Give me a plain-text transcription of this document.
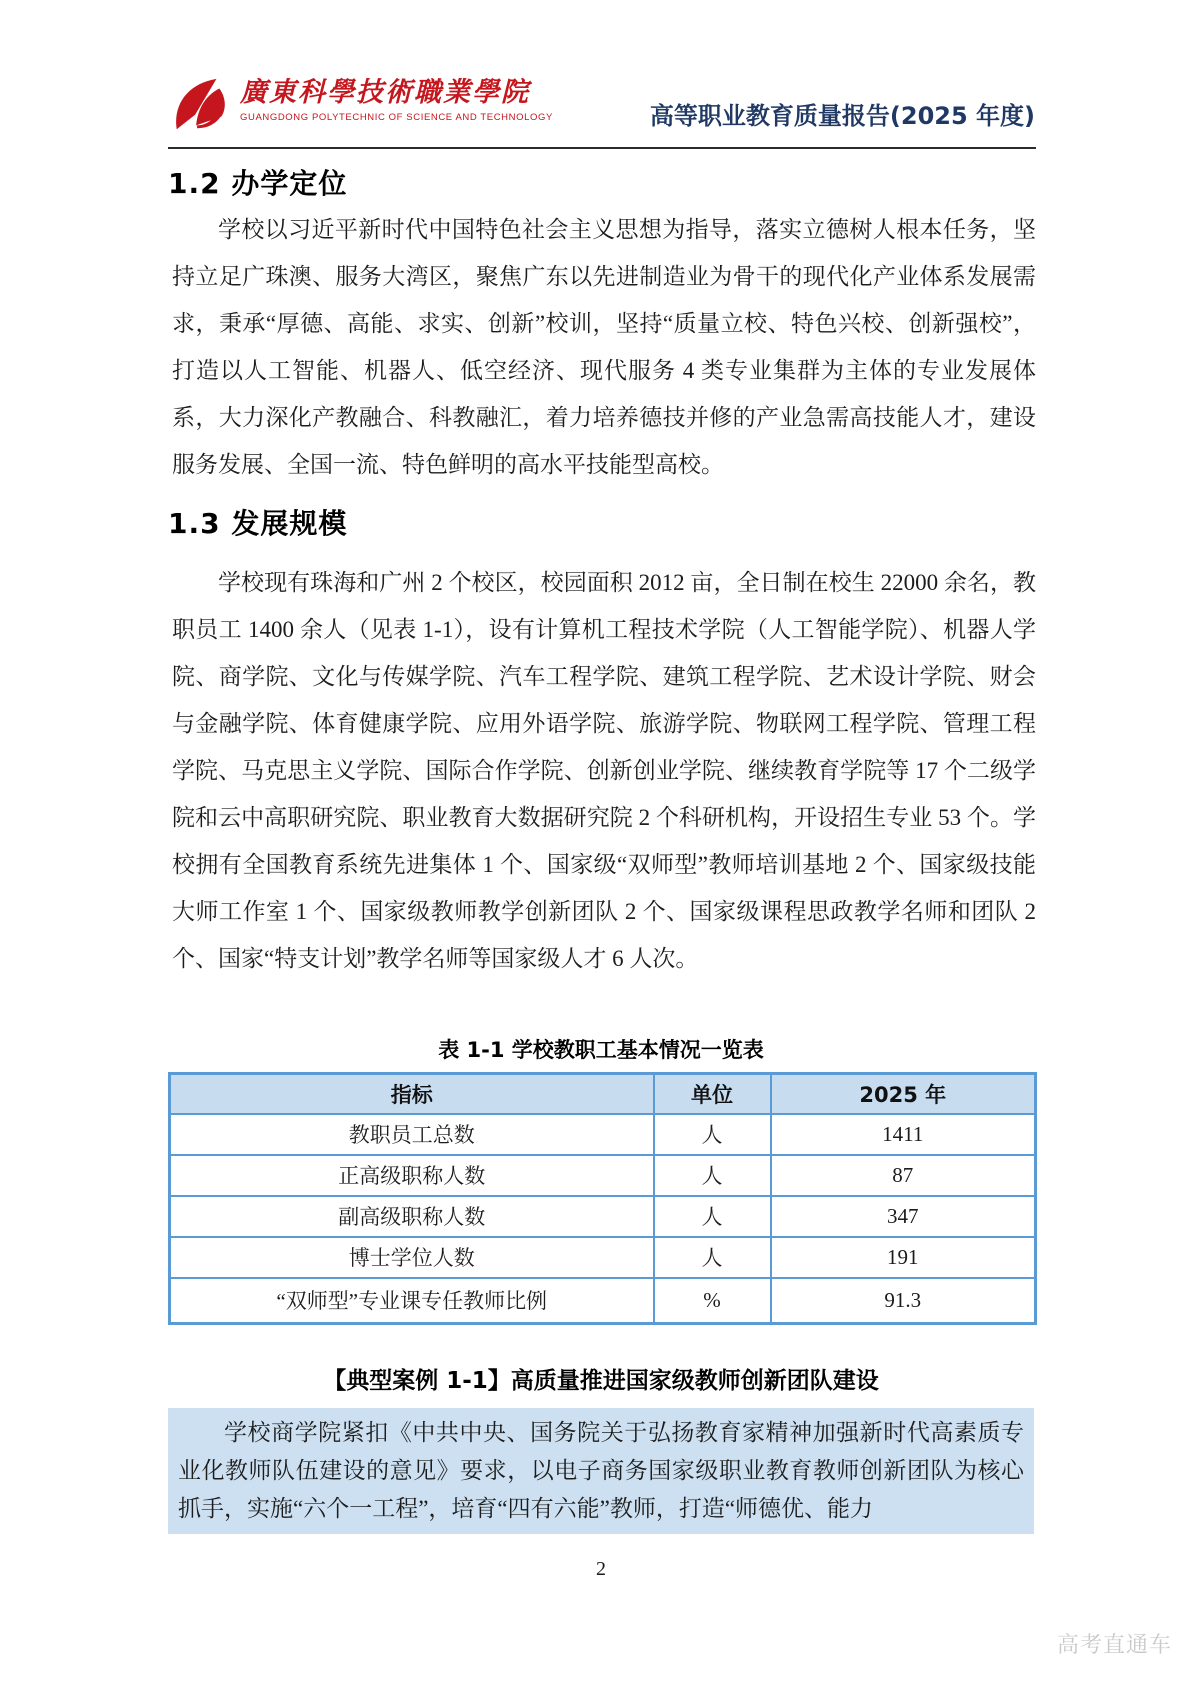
廣東科學技術職業學院
GUANGDONG POLYTECHNIC OF SCIENCE AND TECHNOLOGY	高等职业教育质量报告(2025 年度)
1.2 办学定位
学校以习近平新时代中国特色社会主义思想为指导，落实立德树人根本任务，坚持立足广珠澳、服务大湾区，聚焦广东以先进制造业为骨干的现代化产业体系发展需求，秉承“厚德、高能、求实、创新”校训，坚持“质量立校、特色兴校、创新强校”，打造以人工智能、机器人、低空经济、现代服务 4 类专业集群为主体的专业发展体系，大力深化产教融合、科教融汇，着力培养德技并修的产业急需高技能人才，建设服务发展、全国一流、特色鲜明的高水平技能型高校。
1.3 发展规模
学校现有珠海和广州 2 个校区，校园面积 2012 亩，全日制在校生 22000 余名，教职员工 1400 余人（见表 1-1），设有计算机工程技术学院（人工智能学院）、机器人学院、商学院、文化与传媒学院、汽车工程学院、建筑工程学院、艺术设计学院、财会与金融学院、体育健康学院、应用外语学院、旅游学院、物联网工程学院、管理工程学院、马克思主义学院、国际合作学院、创新创业学院、继续教育学院等 17 个二级学院和云中高职研究院、职业教育大数据研究院 2 个科研机构，开设招生专业 53 个。学校拥有全国教育系统先进集体 1 个、国家级“双师型”教师培训基地 2 个、国家级技能大师工作室 1 个、国家级教师教学创新团队 2 个、国家级课程思政教学名师和团队 2 个、国家“特支计划”教学名师等国家级人才 6 人次。
表 1-1 学校教职工基本情况一览表
指标	单位	2025 年
教职员工总数	人	1411
正高级职称人数	人	87
副高级职称人数	人	347
博士学位人数	人	191
“双师型”专业课专任教师比例	%	91.3
【典型案例 1-1】高质量推进国家级教师创新团队建设
学校商学院紧扣《中共中央、国务院关于弘扬教育家精神加强新时代高素质专业化教师队伍建设的意见》要求，以电子商务国家级职业教育教师创新团队为核心抓手，实施“六个一工程”，培育“四有六能”教师，打造“师德优、能力
2
高考直通车
